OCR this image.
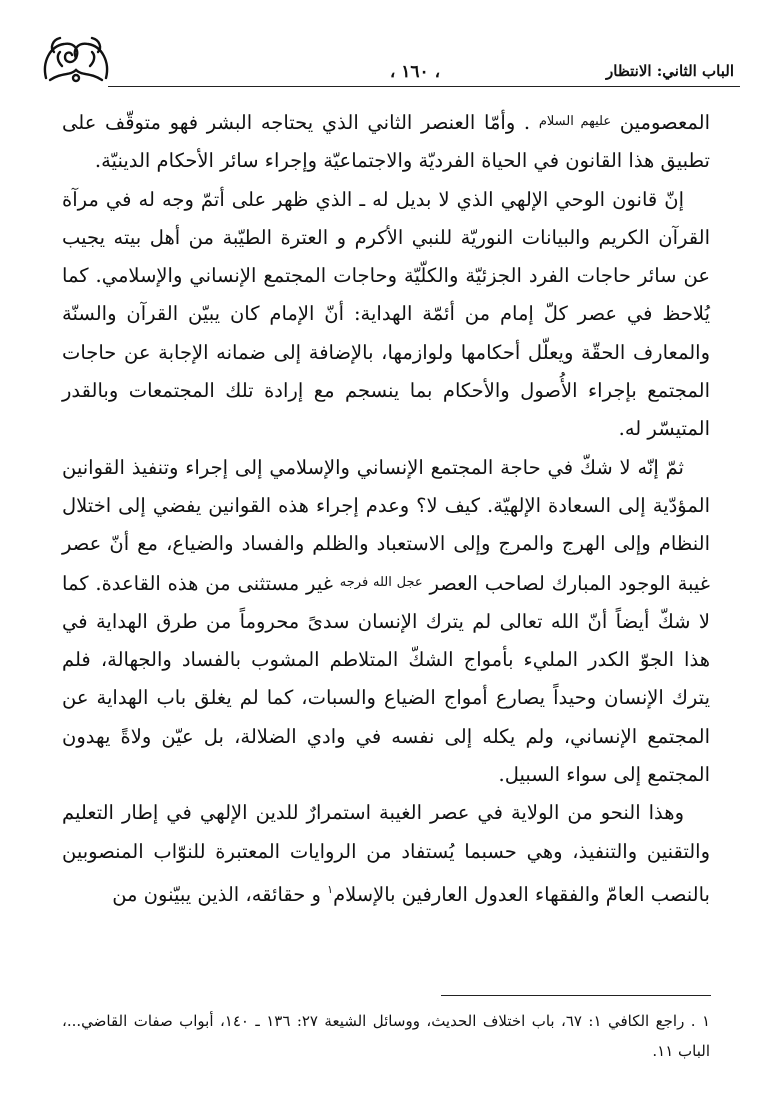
، ١٦٠ ،	الباب الثاني: الانتظار

المعصومين $^{عليهم السلام}$ . وأمّا العنصر الثاني الذي يحتاجه البشر فهو متوقّف على تطبيق هذا القانون في الحياة الفرديّة والاجتماعيّة وإجراء سائر الأحكام الدينيّة.

إنّ قانون الوحي الإلهي الذي لا بديل له ـ الذي ظهر على أتمّ وجه له في مرآة القرآن الكريم والبيانات النوريّة للنبي الأكرم و العترة الطيّبة من أهل بيته يجيب عن سائر حاجات الفرد الجزئيّة والكلّيّة وحاجات المجتمع الإنساني والإسلامي. كما يُلاحظ في عصر كلّ إمام من أئمّة الهداية: أنّ الإمام كان يبيّن القرآن والسنّة والمعارف الحقّة ويعلّل أحكامها ولوازمها، بالإضافة إلى ضمانه الإجابة عن حاجات المجتمع بإجراء الأُصول والأحكام بما ينسجم مع إرادة تلك المجتمعات وبالقدر المتيسّر له.

ثمّ إنّه لا شكّ في حاجة المجتمع الإنساني والإسلامي إلى إجراء وتنفيذ القوانين المؤدّية إلى السعادة الإلهيّة. كيف لا؟ وعدم إجراء هذه القوانين يفضي إلى اختلال النظام وإلى الهرج والمرج وإلى الاستعباد والظلم والفساد والضياع، مع أنّ عصر غيبة الوجود المبارك لصاحب العصر $^{عجل الله فرجه}$ غير مستثنى من هذه القاعدة. كما لا شكّ أيضاً أنّ الله تعالى لم يترك الإنسان سدىً محروماً من طرق الهداية في هذا الجوّ الكدر المليء بأمواج الشكّ المتلاطم المشوب بالفساد والجهالة، فلم يترك الإنسان وحيداً يصارع أمواج الضياع والسبات، كما لم يغلق باب الهداية عن المجتمع الإنساني، ولم يكله إلى نفسه في وادي الضلالة، بل عيّن ولاةً يهدون المجتمع إلى سواء السبيل.

وهذا النحو من الولاية في عصر الغيبة استمرارٌ للدين الإلهي في إطار التعليم والتقنين والتنفيذ، وهي حسبما يُستفاد من الروايات المعتبرة للنوّاب المنصوبين بالنصب العامّ والفقهاء العدول العارفين بالإسلام$^١$ و حقائقه، الذين يبيّنون من

١ . راجع الكافي ١: ٦٧، باب اختلاف الحديث، ووسائل الشيعة ٢٧: ١٣٦ ـ ١٤٠، أبواب صفات القاضي...، الباب ١١.
